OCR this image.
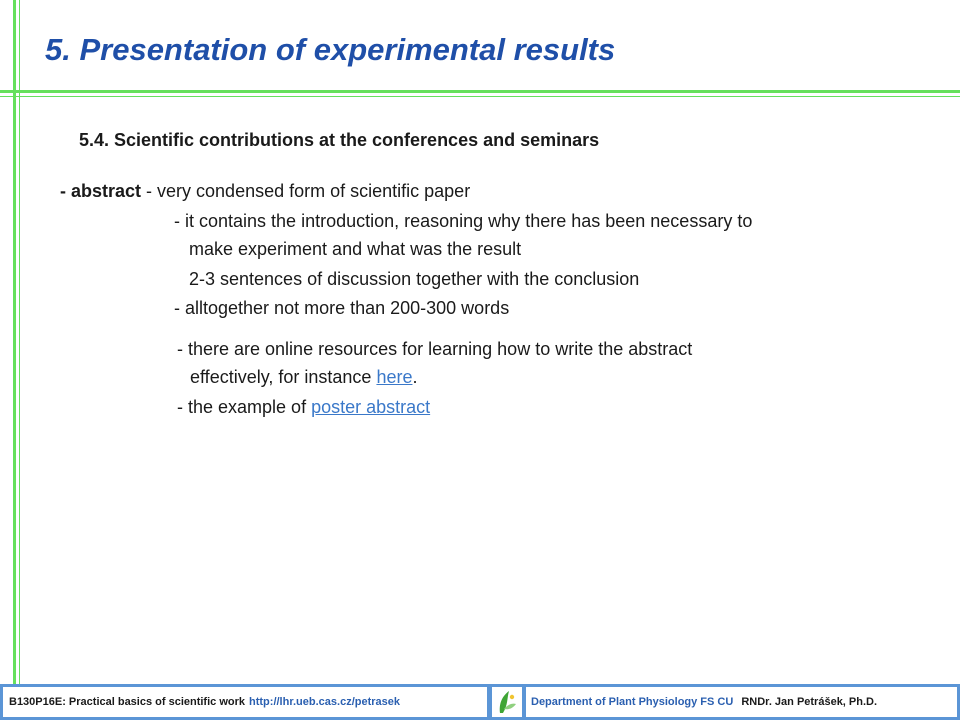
5. Presentation of experimental results
5.4. Scientific contributions at the conferences and seminars
- abstract - very condensed form of scientific paper
- it contains the introduction, reasoning why there has been necessary to
make experiment and what was the result
2-3 sentences of discussion together with the conclusion
- alltogether not more than 200-300 words
- there are online resources for learning how to write the abstract
effectively, for instance here.
- the example of poster abstract
B130P16E: Practical basics of scientific work http://lhr.ueb.cas.cz/petrasek	Department of Plant Physiology FS CU RNDr. Jan Petrášek, Ph.D.
